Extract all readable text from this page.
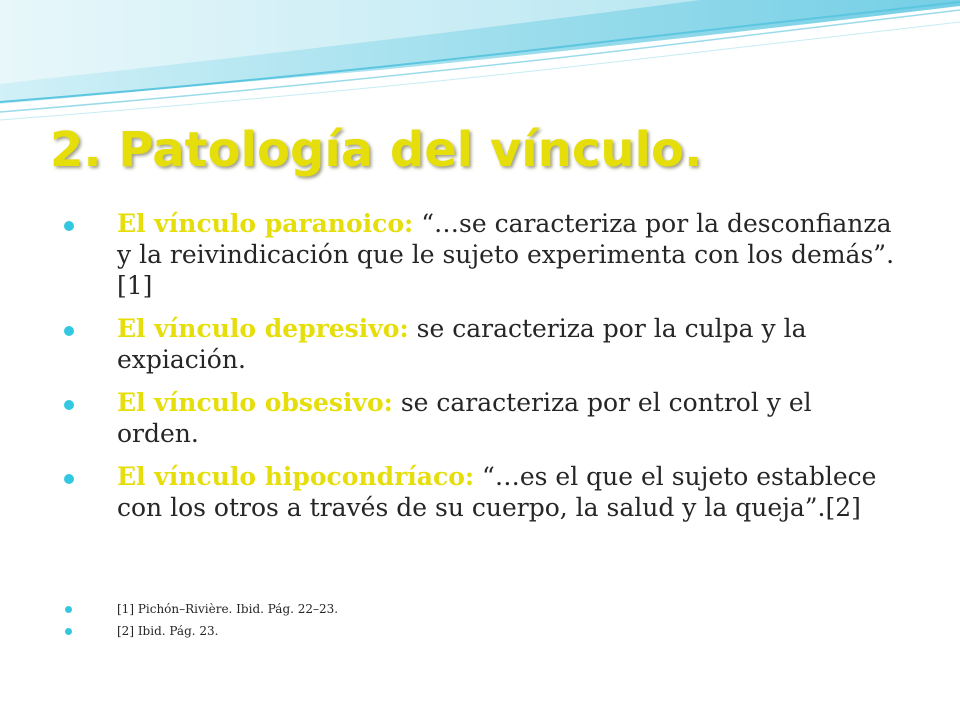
2. Patología del vínculo.
El vínculo paranoico: “…se caracteriza por la desconfianza y la reivindicación que le sujeto experimenta con los demás”.[1]
El vínculo depresivo: se caracteriza por la culpa y la expiación.
El vínculo obsesivo: se caracteriza por el control y el orden.
El vínculo hipocondríaco: “…es el que el sujeto establece con los otros a través de su cuerpo, la salud y la queja”.[2]
[1] Pichón–Rivière. Ibid. Pág. 22–23.
[2] Ibid. Pág. 23.
